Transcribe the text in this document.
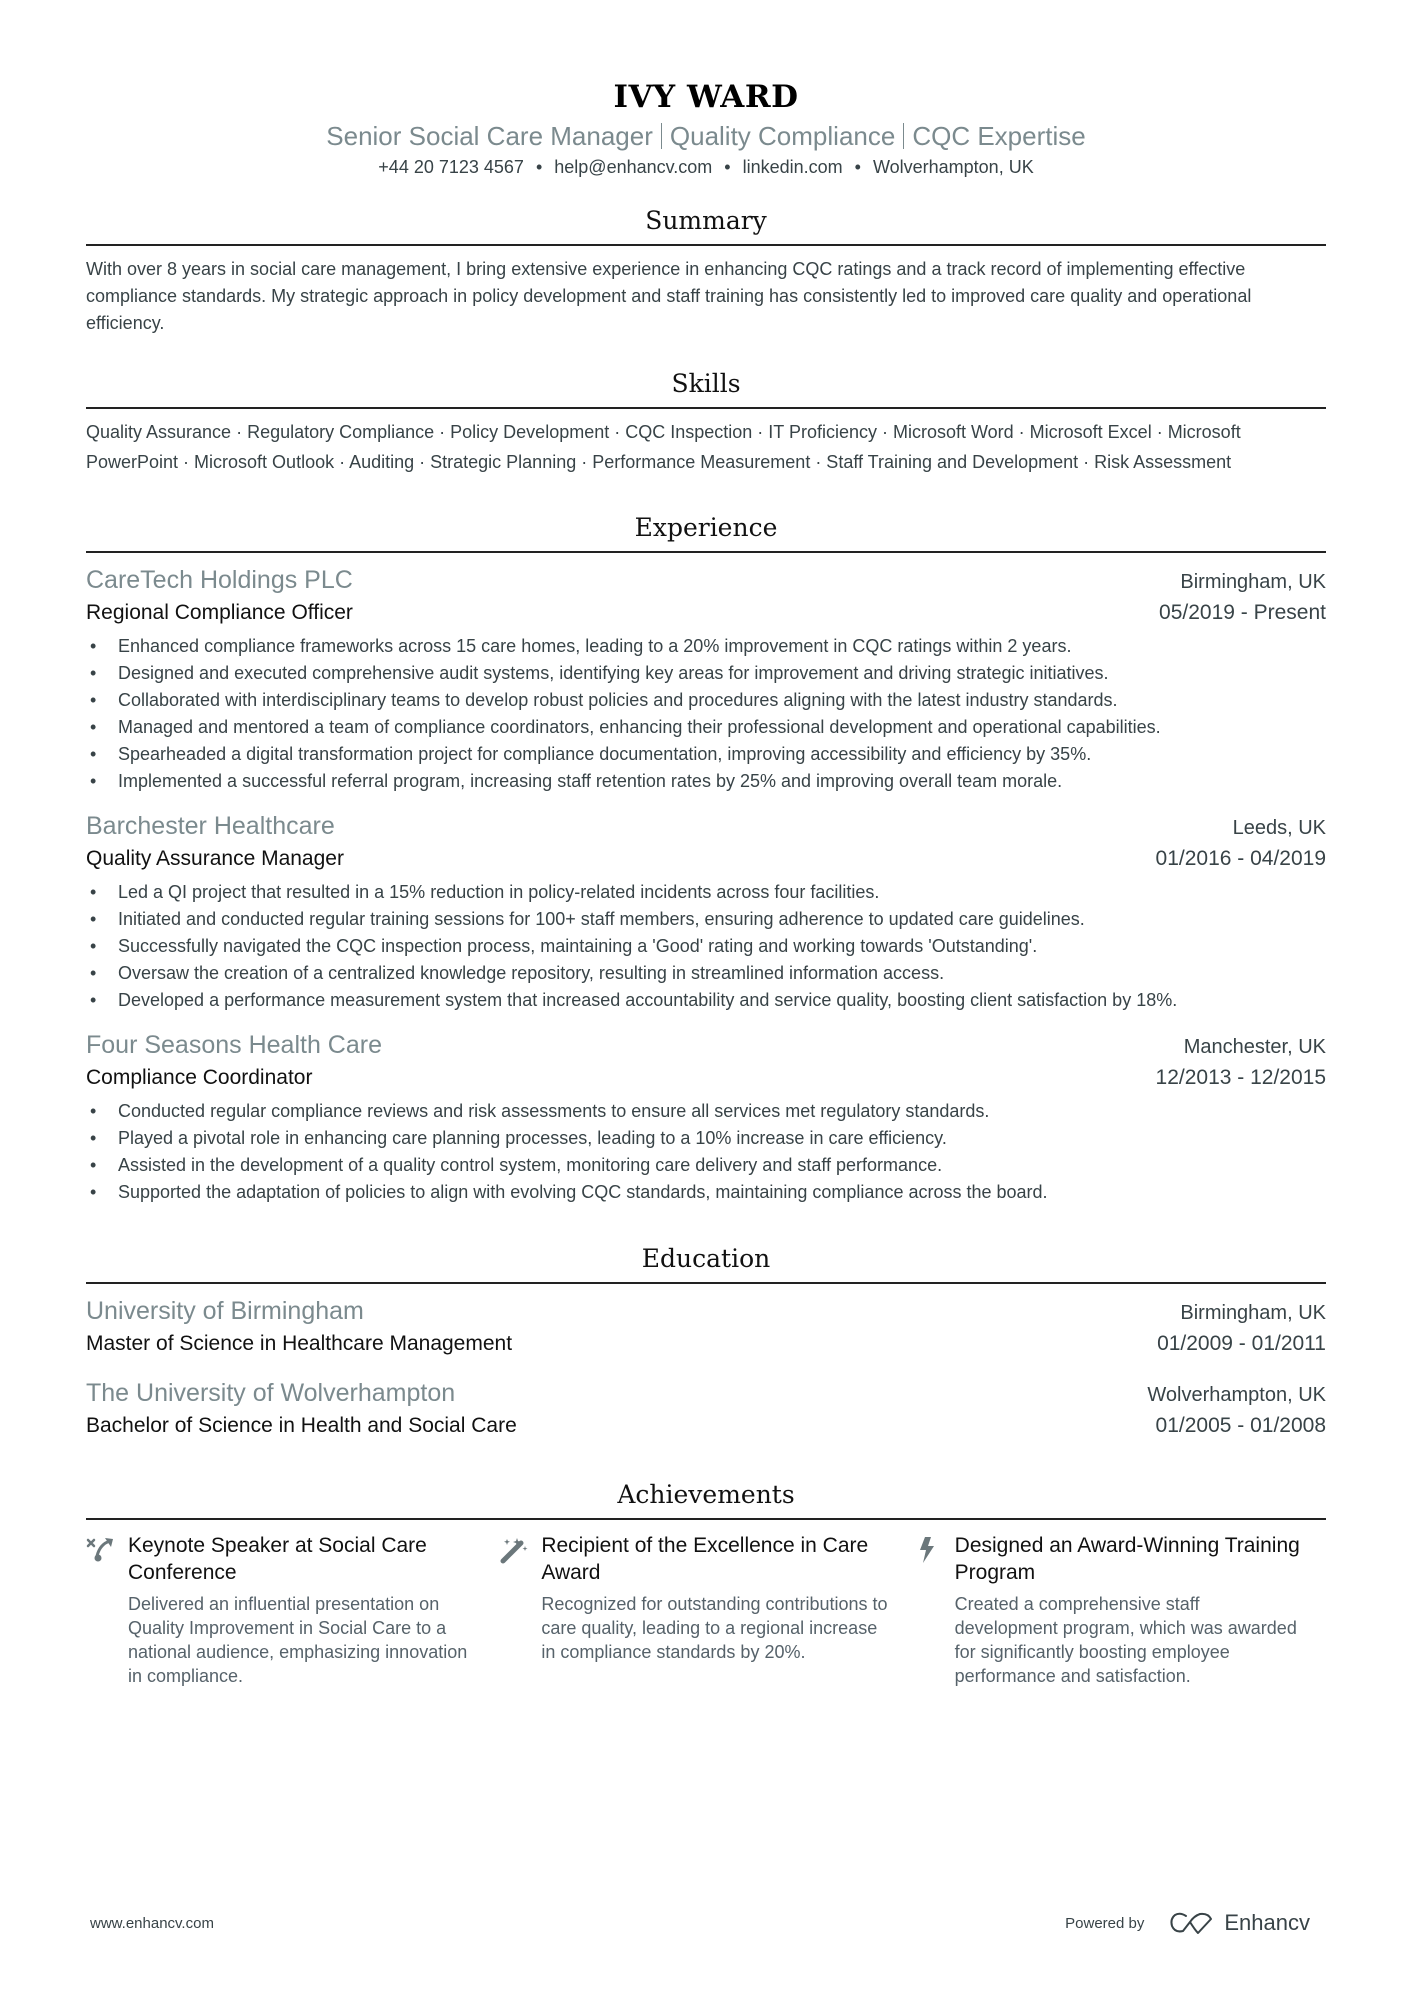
IVY WARD
Senior Social Care Manager Quality Compliance CQC Expertise
+44 20 7123 4567 • help@enhancv.com • linkedin.com • Wolverhampton, UK
Summary
With over 8 years in social care management, I bring extensive experience in enhancing CQC ratings and a track record of implementing effective compliance standards. My strategic approach in policy development and staff training has consistently led to improved care quality and operational efficiency.
Skills
Quality Assurance · Regulatory Compliance · Policy Development · CQC Inspection · IT Proficiency · Microsoft Word · Microsoft Excel · Microsoft PowerPoint · Microsoft Outlook · Auditing · Strategic Planning · Performance Measurement · Staff Training and Development · Risk Assessment
Experience
CareTech Holdings PLC	Birmingham, UK
Regional Compliance Officer	05/2019 - Present
• Enhanced compliance frameworks across 15 care homes, leading to a 20% improvement in CQC ratings within 2 years.
• Designed and executed comprehensive audit systems, identifying key areas for improvement and driving strategic initiatives.
• Collaborated with interdisciplinary teams to develop robust policies and procedures aligning with the latest industry standards.
• Managed and mentored a team of compliance coordinators, enhancing their professional development and operational capabilities.
• Spearheaded a digital transformation project for compliance documentation, improving accessibility and efficiency by 35%.
• Implemented a successful referral program, increasing staff retention rates by 25% and improving overall team morale.
Barchester Healthcare	Leeds, UK
Quality Assurance Manager	01/2016 - 04/2019
• Led a QI project that resulted in a 15% reduction in policy-related incidents across four facilities.
• Initiated and conducted regular training sessions for 100+ staff members, ensuring adherence to updated care guidelines.
• Successfully navigated the CQC inspection process, maintaining a 'Good' rating and working towards 'Outstanding'.
• Oversaw the creation of a centralized knowledge repository, resulting in streamlined information access.
• Developed a performance measurement system that increased accountability and service quality, boosting client satisfaction by 18%.
Four Seasons Health Care	Manchester, UK
Compliance Coordinator	12/2013 - 12/2015
• Conducted regular compliance reviews and risk assessments to ensure all services met regulatory standards.
• Played a pivotal role in enhancing care planning processes, leading to a 10% increase in care efficiency.
• Assisted in the development of a quality control system, monitoring care delivery and staff performance.
• Supported the adaptation of policies to align with evolving CQC standards, maintaining compliance across the board.
Education
University of Birmingham	Birmingham, UK
Master of Science in Healthcare Management	01/2009 - 01/2011
The University of Wolverhampton	Wolverhampton, UK
Bachelor of Science in Health and Social Care	01/2005 - 01/2008
Achievements
Keynote Speaker at Social Care Conference
Delivered an influential presentation on Quality Improvement in Social Care to a national audience, emphasizing innovation in compliance.
Recipient of the Excellence in Care Award
Recognized for outstanding contributions to care quality, leading to a regional increase in compliance standards by 20%.
Designed an Award-Winning Training Program
Created a comprehensive staff development program, which was awarded for significantly boosting employee performance and satisfaction.
www.enhancv.com	Powered by	Enhancv
